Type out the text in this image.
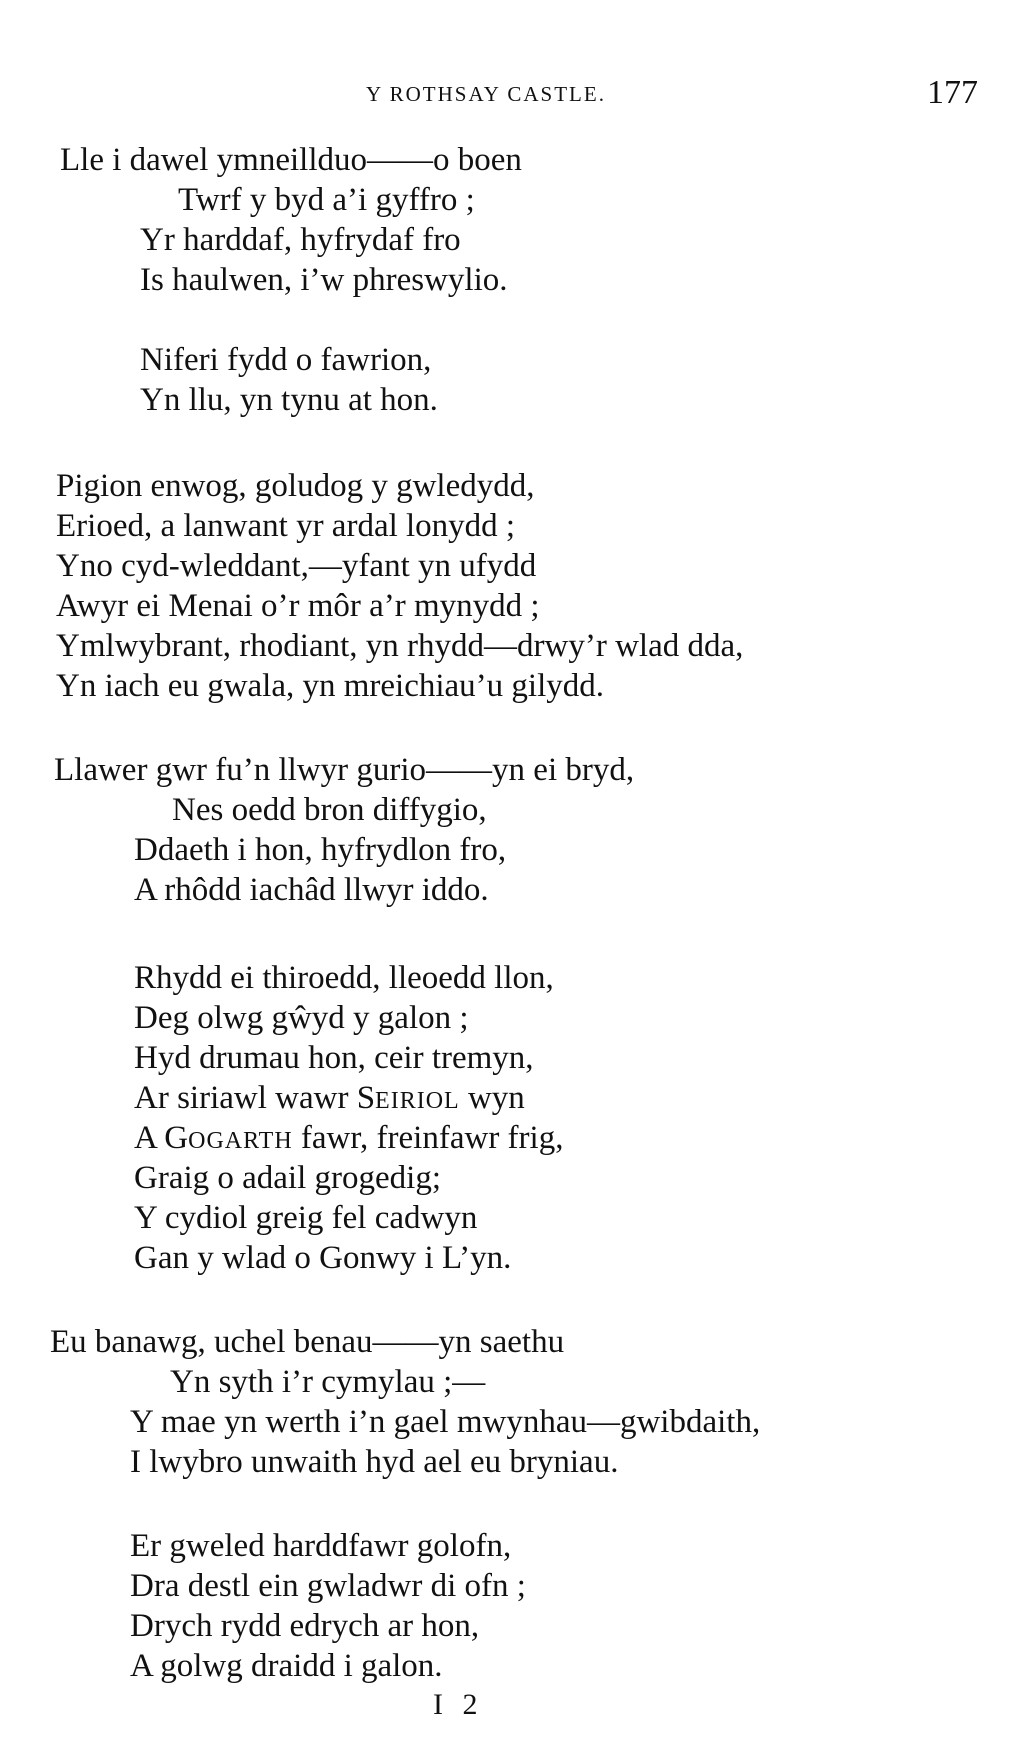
Y ROTHSAY CASTLE.	177
Lle i dawel ymneillduo——o boen
Twrf y byd a’i gyffro ;
Yr harddaf, hyfrydaf fro
Is haulwen, i’w phreswylio.
Niferi fydd o fawrion,
Yn llu, yn tynu at hon.
Pigion enwog, goludog y gwledydd,
Erioed, a lanwant yr ardal lonydd ;
Yno cyd-wleddant,—yfant yn ufydd
Awyr ei Menai o’r môr a’r mynydd ;
Ymlwybrant, rhodiant, yn rhydd—drwy’r wlad dda,
Yn iach eu gwala, yn mreichiau’u gilydd.
Llawer gwr fu’n llwyr gurio——yn ei bryd,
Nes oedd bron diffygio,
Ddaeth i hon, hyfrydlon fro,
A rhôdd iachâd llwyr iddo.
Rhydd ei thiroedd, lleoedd llon,
Deg olwg gŵyd y galon ;
Hyd drumau hon, ceir tremyn,
Ar siriawl wawr SEIRIOL wyn
A GOGARTH fawr, freinfawr frig,
Graig o adail grogedig;
Y cydiol greig fel cadwyn
Gan y wlad o Gonwy i L’yn.
Eu banawg, uchel benau——yn saethu
Yn syth i’r cymylau ;—
Y mae yn werth i’n gael mwynhau—gwibdaith,
I lwybro unwaith hyd ael eu bryniau.
Er gweled harddfawr golofn,
Dra destl ein gwladwr di ofn ;
Drych rydd edrych ar hon,
A golwg draidd i galon.
I 2
